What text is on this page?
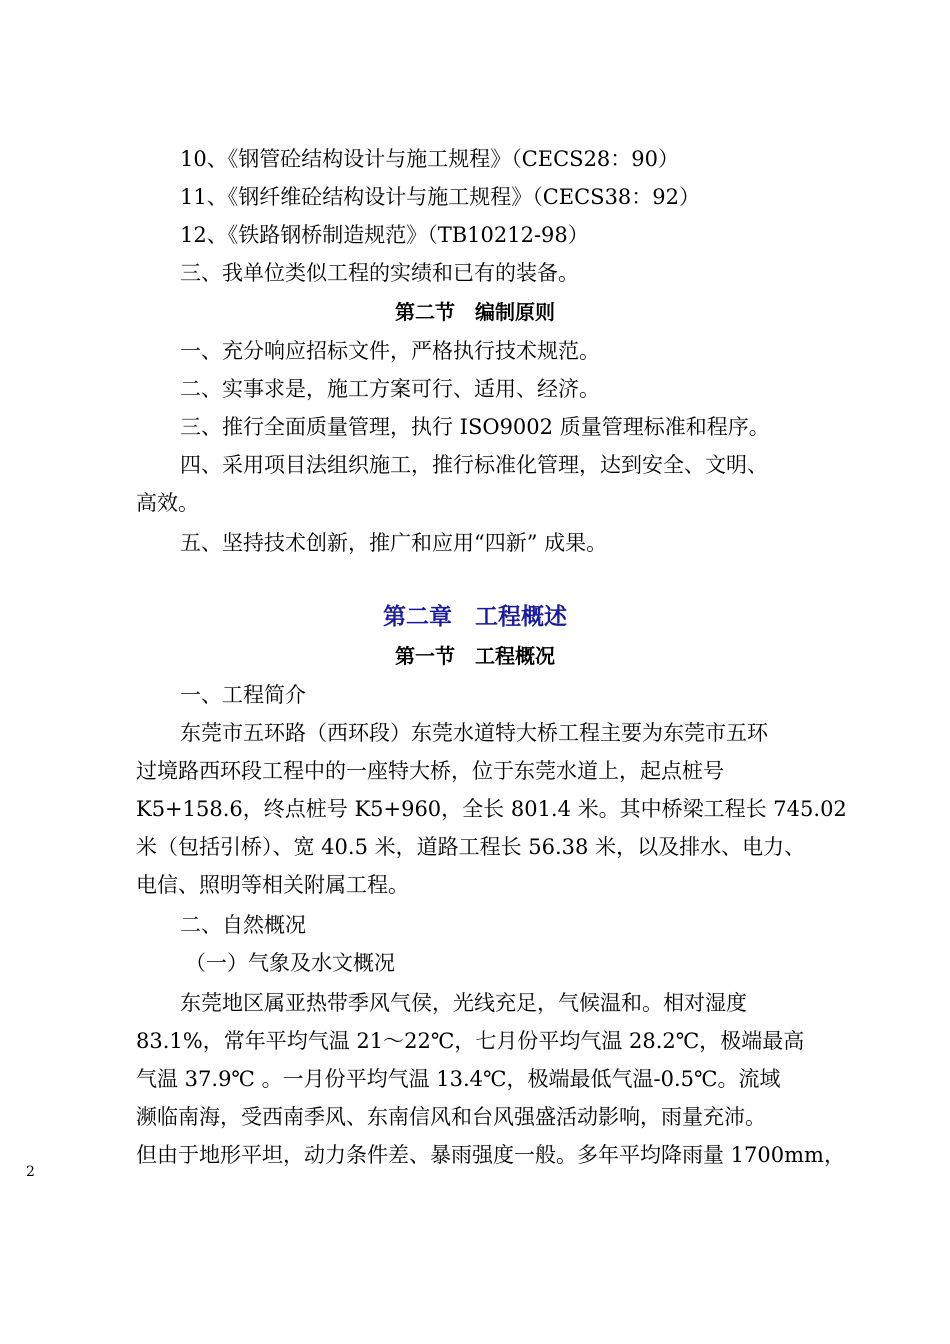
10、《钢管砼结构设计与施工规程》（CECS28：90）
11、《钢纤维砼结构设计与施工规程》（CECS38：92）
12、《铁路钢桥制造规范》（TB10212-98）
三、我单位类似工程的实绩和已有的装备。
第二节　编制原则
一、充分响应招标文件，严格执行技术规范。
二、实事求是，施工方案可行、适用、经济。
三、推行全面质量管理，执行 ISO9002 质量管理标准和程序。
四、采用项目法组织施工，推行标准化管理，达到安全、文明、
高效。
五、坚持技术创新，推广和应用“四新” 成果。
第二章　工程概述
第一节　工程概况
一、工程简介
东莞市五环路（西环段）东莞水道特大桥工程主要为东莞市五环
过境路西环段工程中的一座特大桥，位于东莞水道上，起点桩号
K5+158.6，终点桩号 K5+960，全长 801.4 米。其中桥梁工程长 745.02
米（包括引桥）、宽 40.5 米，道路工程长 56.38 米，以及排水、电力、
电信、照明等相关附属工程。
二、自然概况
（一）气象及水文概况
东莞地区属亚热带季风气侯，光线充足，气候温和。相对湿度
83.1%，常年平均气温 21～22℃，七月份平均气温 28.2℃，极端最高
气温 37.9℃ 。一月份平均气温 13.4℃，极端最低气温-0.5℃。流域
濒临南海，受西南季风、东南信风和台风强盛活动影响，雨量充沛。
但由于地形平坦，动力条件差、暴雨强度一般。多年平均降雨量 1700mm，
2
